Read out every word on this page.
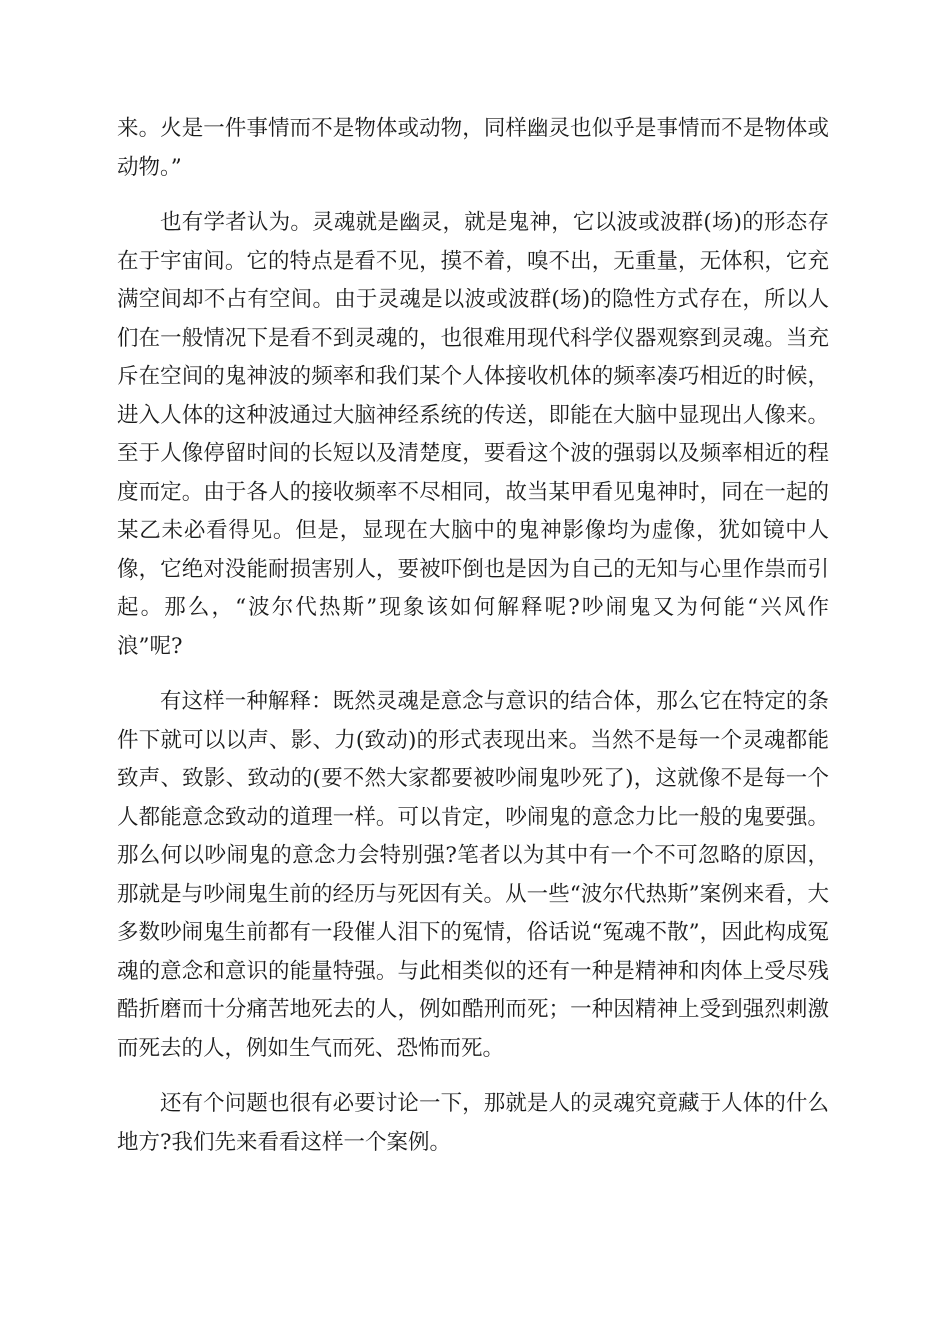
来。火是一件事情而不是物体或动物，同样幽灵也似乎是事情而不是物体或动物。”

也有学者认为。灵魂就是幽灵，就是鬼神，它以波或波群(场)的形态存在于宇宙间。它的特点是看不见，摸不着，嗅不出，无重量，无体积，它充满空间却不占有空间。由于灵魂是以波或波群(场)的隐性方式存在，所以人们在一般情况下是看不到灵魂的，也很难用现代科学仪器观察到灵魂。当充斥在空间的鬼神波的频率和我们某个人体接收机体的频率凑巧相近的时候，进入人体的这种波通过大脑神经系统的传送，即能在大脑中显现出人像来。至于人像停留时间的长短以及清楚度，要看这个波的强弱以及频率相近的程度而定。由于各人的接收频率不尽相同，故当某甲看见鬼神时，同在一起的某乙未必看得见。但是，显现在大脑中的鬼神影像均为虚像，犹如镜中人像，它绝对没能耐损害别人，要被吓倒也是因为自己的无知与心里作祟而引起。那么，“波尔代热斯”现象该如何解释呢?吵闹鬼又为何能“兴风作浪”呢?

有这样一种解释：既然灵魂是意念与意识的结合体，那么它在特定的条件下就可以以声、影、力(致动)的形式表现出来。当然不是每一个灵魂都能致声、致影、致动的(要不然大家都要被吵闹鬼吵死了)，这就像不是每一个人都能意念致动的道理一样。可以肯定，吵闹鬼的意念力比一般的鬼要强。那么何以吵闹鬼的意念力会特别强?笔者以为其中有一个不可忽略的原因，那就是与吵闹鬼生前的经历与死因有关。从一些“波尔代热斯”案例来看，大多数吵闹鬼生前都有一段催人泪下的冤情，俗话说“冤魂不散”，因此构成冤魂的意念和意识的能量特强。与此相类似的还有一种是精神和肉体上受尽残酷折磨而十分痛苦地死去的人，例如酷刑而死；一种因精神上受到强烈刺激而死去的人，例如生气而死、恐怖而死。

还有个问题也很有必要讨论一下，那就是人的灵魂究竟藏于人体的什么地方?我们先来看看这样一个案例。
